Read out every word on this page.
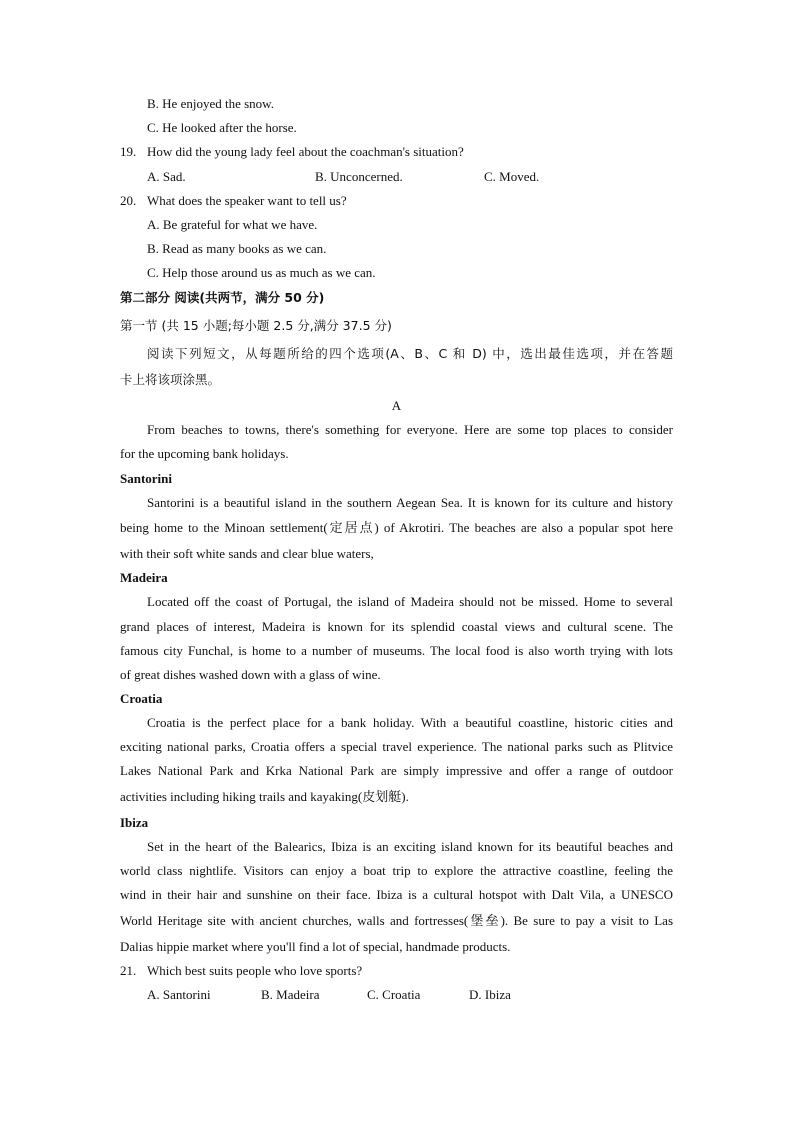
B. He enjoyed the snow.
C. He looked after the horse.
19. How did the young lady feel about the coachman's situation?
A. Sad.	B. Unconcerned.	C. Moved.
20. What does the speaker want to tell us?
A. Be grateful for what we have.
B. Read as many books as we can.
C. Help those around us as much as we can.
第二部分 阅读(共两节，满分 50 分)
第一节 (共 15 小题;每小题 2.5 分,满分 37.5 分)
阅读下列短文，从每题所给的四个选项(A、B、C 和 D) 中，选出最佳选项，并在答题
卡上将该项涂黑。
A
From beaches to towns, there's something for everyone. Here are some top places to consider
for the upcoming bank holidays.
Santorini
Santorini is a beautiful island in the southern Aegean Sea. It is known for its culture and history
being home to the Minoan settlement(定居点) of Akrotiri. The beaches are also a popular spot here
with their soft white sands and clear blue waters,
Madeira
Located off the coast of Portugal, the island of Madeira should not be missed. Home to several
grand places of interest, Madeira is known for its splendid coastal views and cultural scene. The
famous city Funchal, is home to a number of museums. The local food is also worth trying with lots
of great dishes washed down with a glass of wine.
Croatia
Croatia is the perfect place for a bank holiday. With a beautiful coastline, historic cities and
exciting national parks, Croatia offers a special travel experience. The national parks such as Plitvice
Lakes National Park and Krka National Park are simply impressive and offer a range of outdoor
activities including hiking trails and kayaking(皮划艇).
Ibiza
Set in the heart of the Balearics, Ibiza is an exciting island known for its beautiful beaches and
world class nightlife. Visitors can enjoy a boat trip to explore the attractive coastline, feeling the
wind in their hair and sunshine on their face. Ibiza is a cultural hotspot with Dalt Vila, a UNESCO
World Heritage site with ancient churches, walls and fortresses(堡垒). Be sure to pay a visit to Las
Dalias hippie market where you'll find a lot of special, handmade products.
21. Which best suits people who love sports?
A. Santorini	B. Madeira	C. Croatia	D. Ibiza
